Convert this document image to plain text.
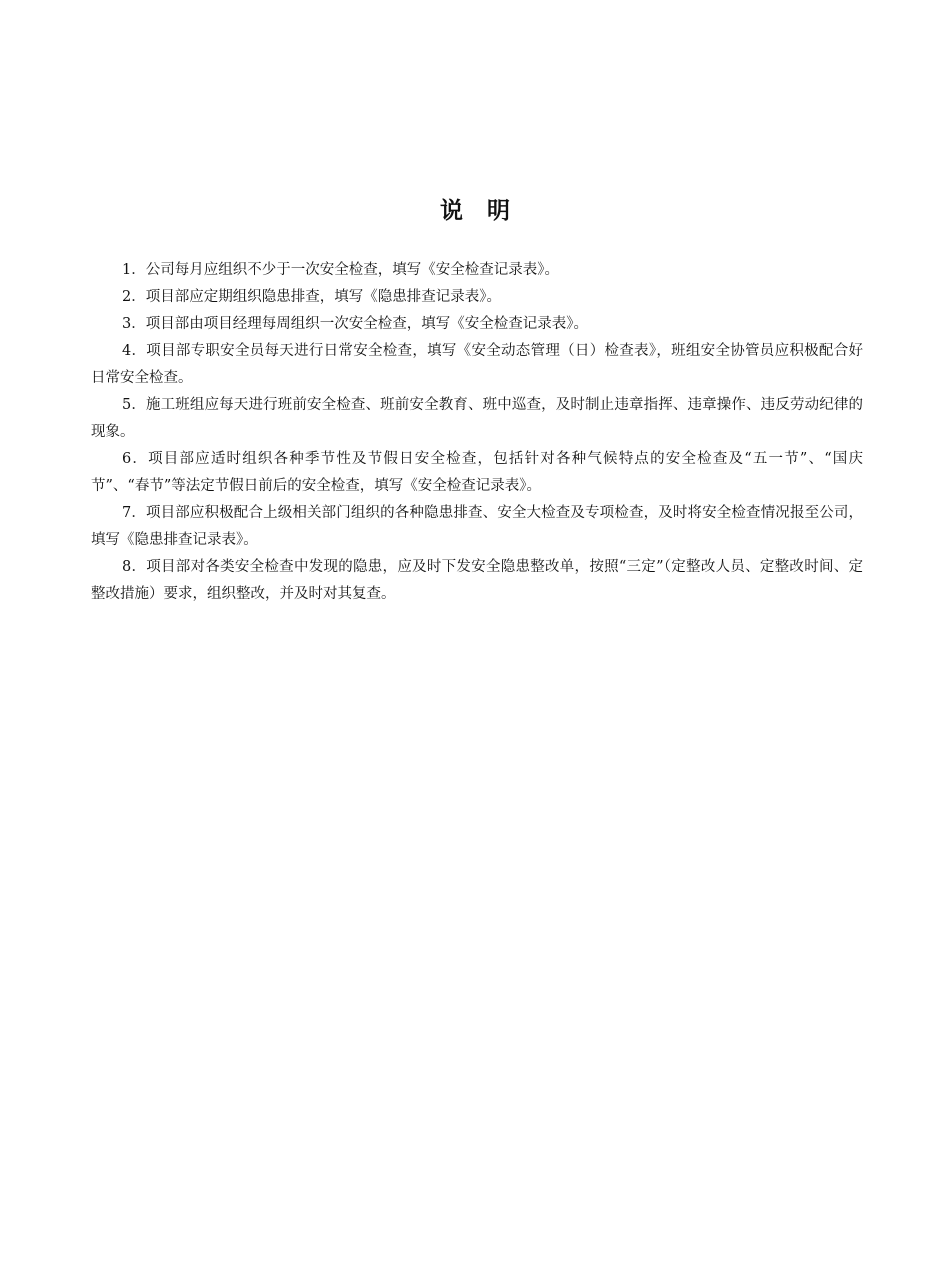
说   明

1．公司每月应组织不少于一次安全检查，填写《安全检查记录表》。

2．项目部应定期组织隐患排查，填写《隐患排查记录表》。

3．项目部由项目经理每周组织一次安全检查，填写《安全检查记录表》。

4．项目部专职安全员每天进行日常安全检查，填写《安全动态管理（日）检查表》，班组安全协管员应积极配合好日常安全检查。

5．施工班组应每天进行班前安全检查、班前安全教育、班中巡查，及时制止违章指挥、违章操作、违反劳动纪律的现象。

6．项目部应适时组织各种季节性及节假日安全检查，包括针对各种气候特点的安全检查及“五一节”、“国庆节”、“春节”等法定节假日前后的安全检查，填写《安全检查记录表》。

7．项目部应积极配合上级相关部门组织的各种隐患排查、安全大检查及专项检查，及时将安全检查情况报至公司，填写《隐患排查记录表》。

8．项目部对各类安全检查中发现的隐患，应及时下发安全隐患整改单，按照“三定”（定整改人员、定整改时间、定整改措施）要求，组织整改，并及时对其复查。
